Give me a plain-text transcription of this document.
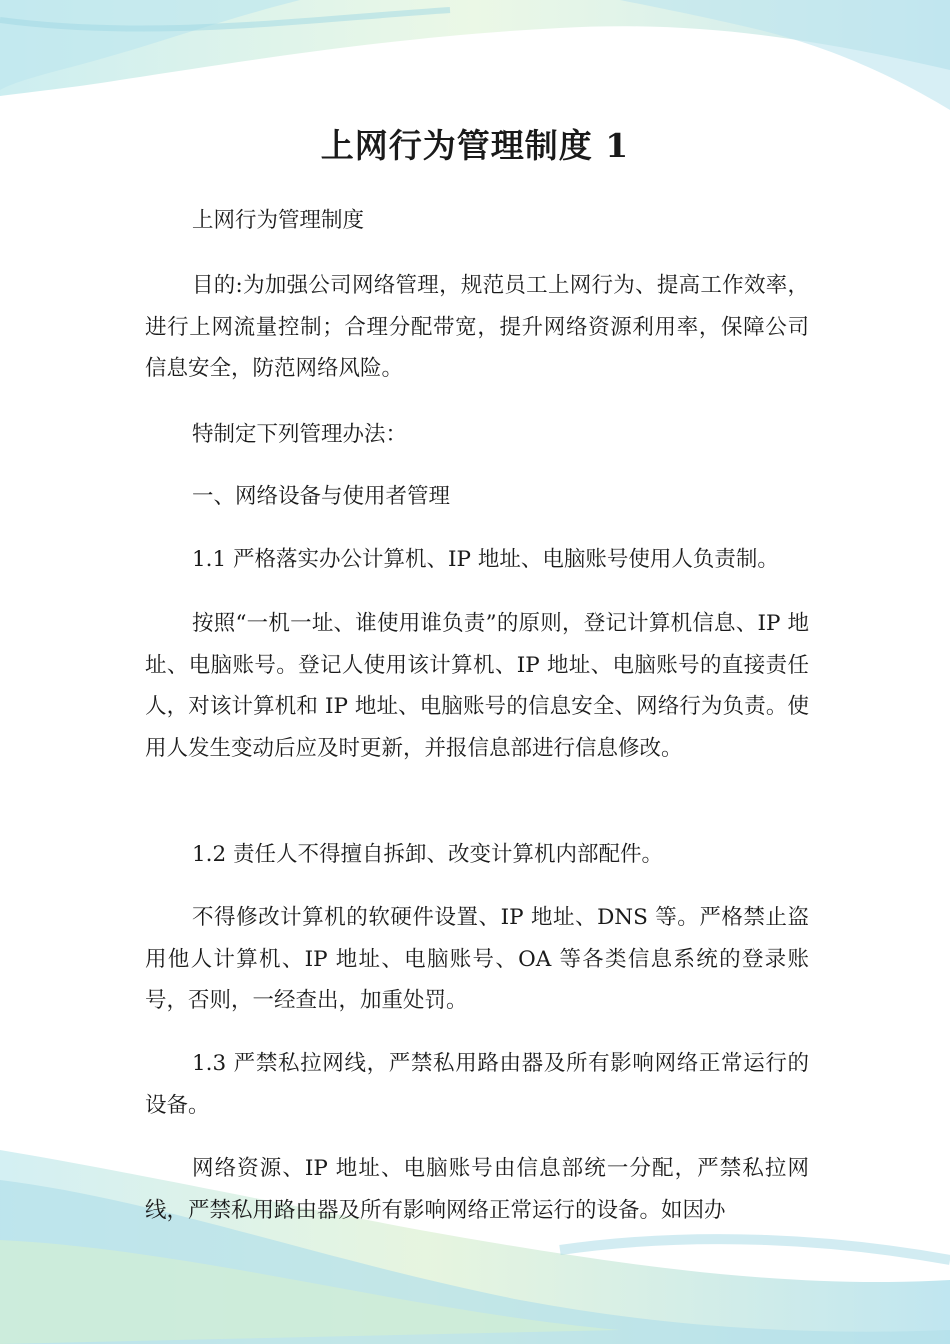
上网行为管理制度 1

上网行为管理制度

目的:为加强公司网络管理，规范员工上网行为、提高工作效率，进行上网流量控制；合理分配带宽，提升网络资源利用率，保障公司信息安全，防范网络风险。

特制定下列管理办法：

一、网络设备与使用者管理

1.1 严格落实办公计算机、IP 地址、电脑账号使用人负责制。

按照“一机一址、谁使用谁负责”的原则，登记计算机信息、IP 地址、电脑账号。登记人使用该计算机、IP 地址、电脑账号的直接责任人，对该计算机和 IP 地址、电脑账号的信息安全、网络行为负责。使用人发生变动后应及时更新，并报信息部进行信息修改。

1.2 责任人不得擅自拆卸、改变计算机内部配件。

不得修改计算机的软硬件设置、IP 地址、DNS 等。严格禁止盗用他人计算机、IP 地址、电脑账号、OA 等各类信息系统的登录账号，否则，一经查出，加重处罚。

1.3 严禁私拉网线，严禁私用路由器及所有影响网络正常运行的设备。

网络资源、IP 地址、电脑账号由信息部统一分配，严禁私拉网线，严禁私用路由器及所有影响网络正常运行的设备。如因办
